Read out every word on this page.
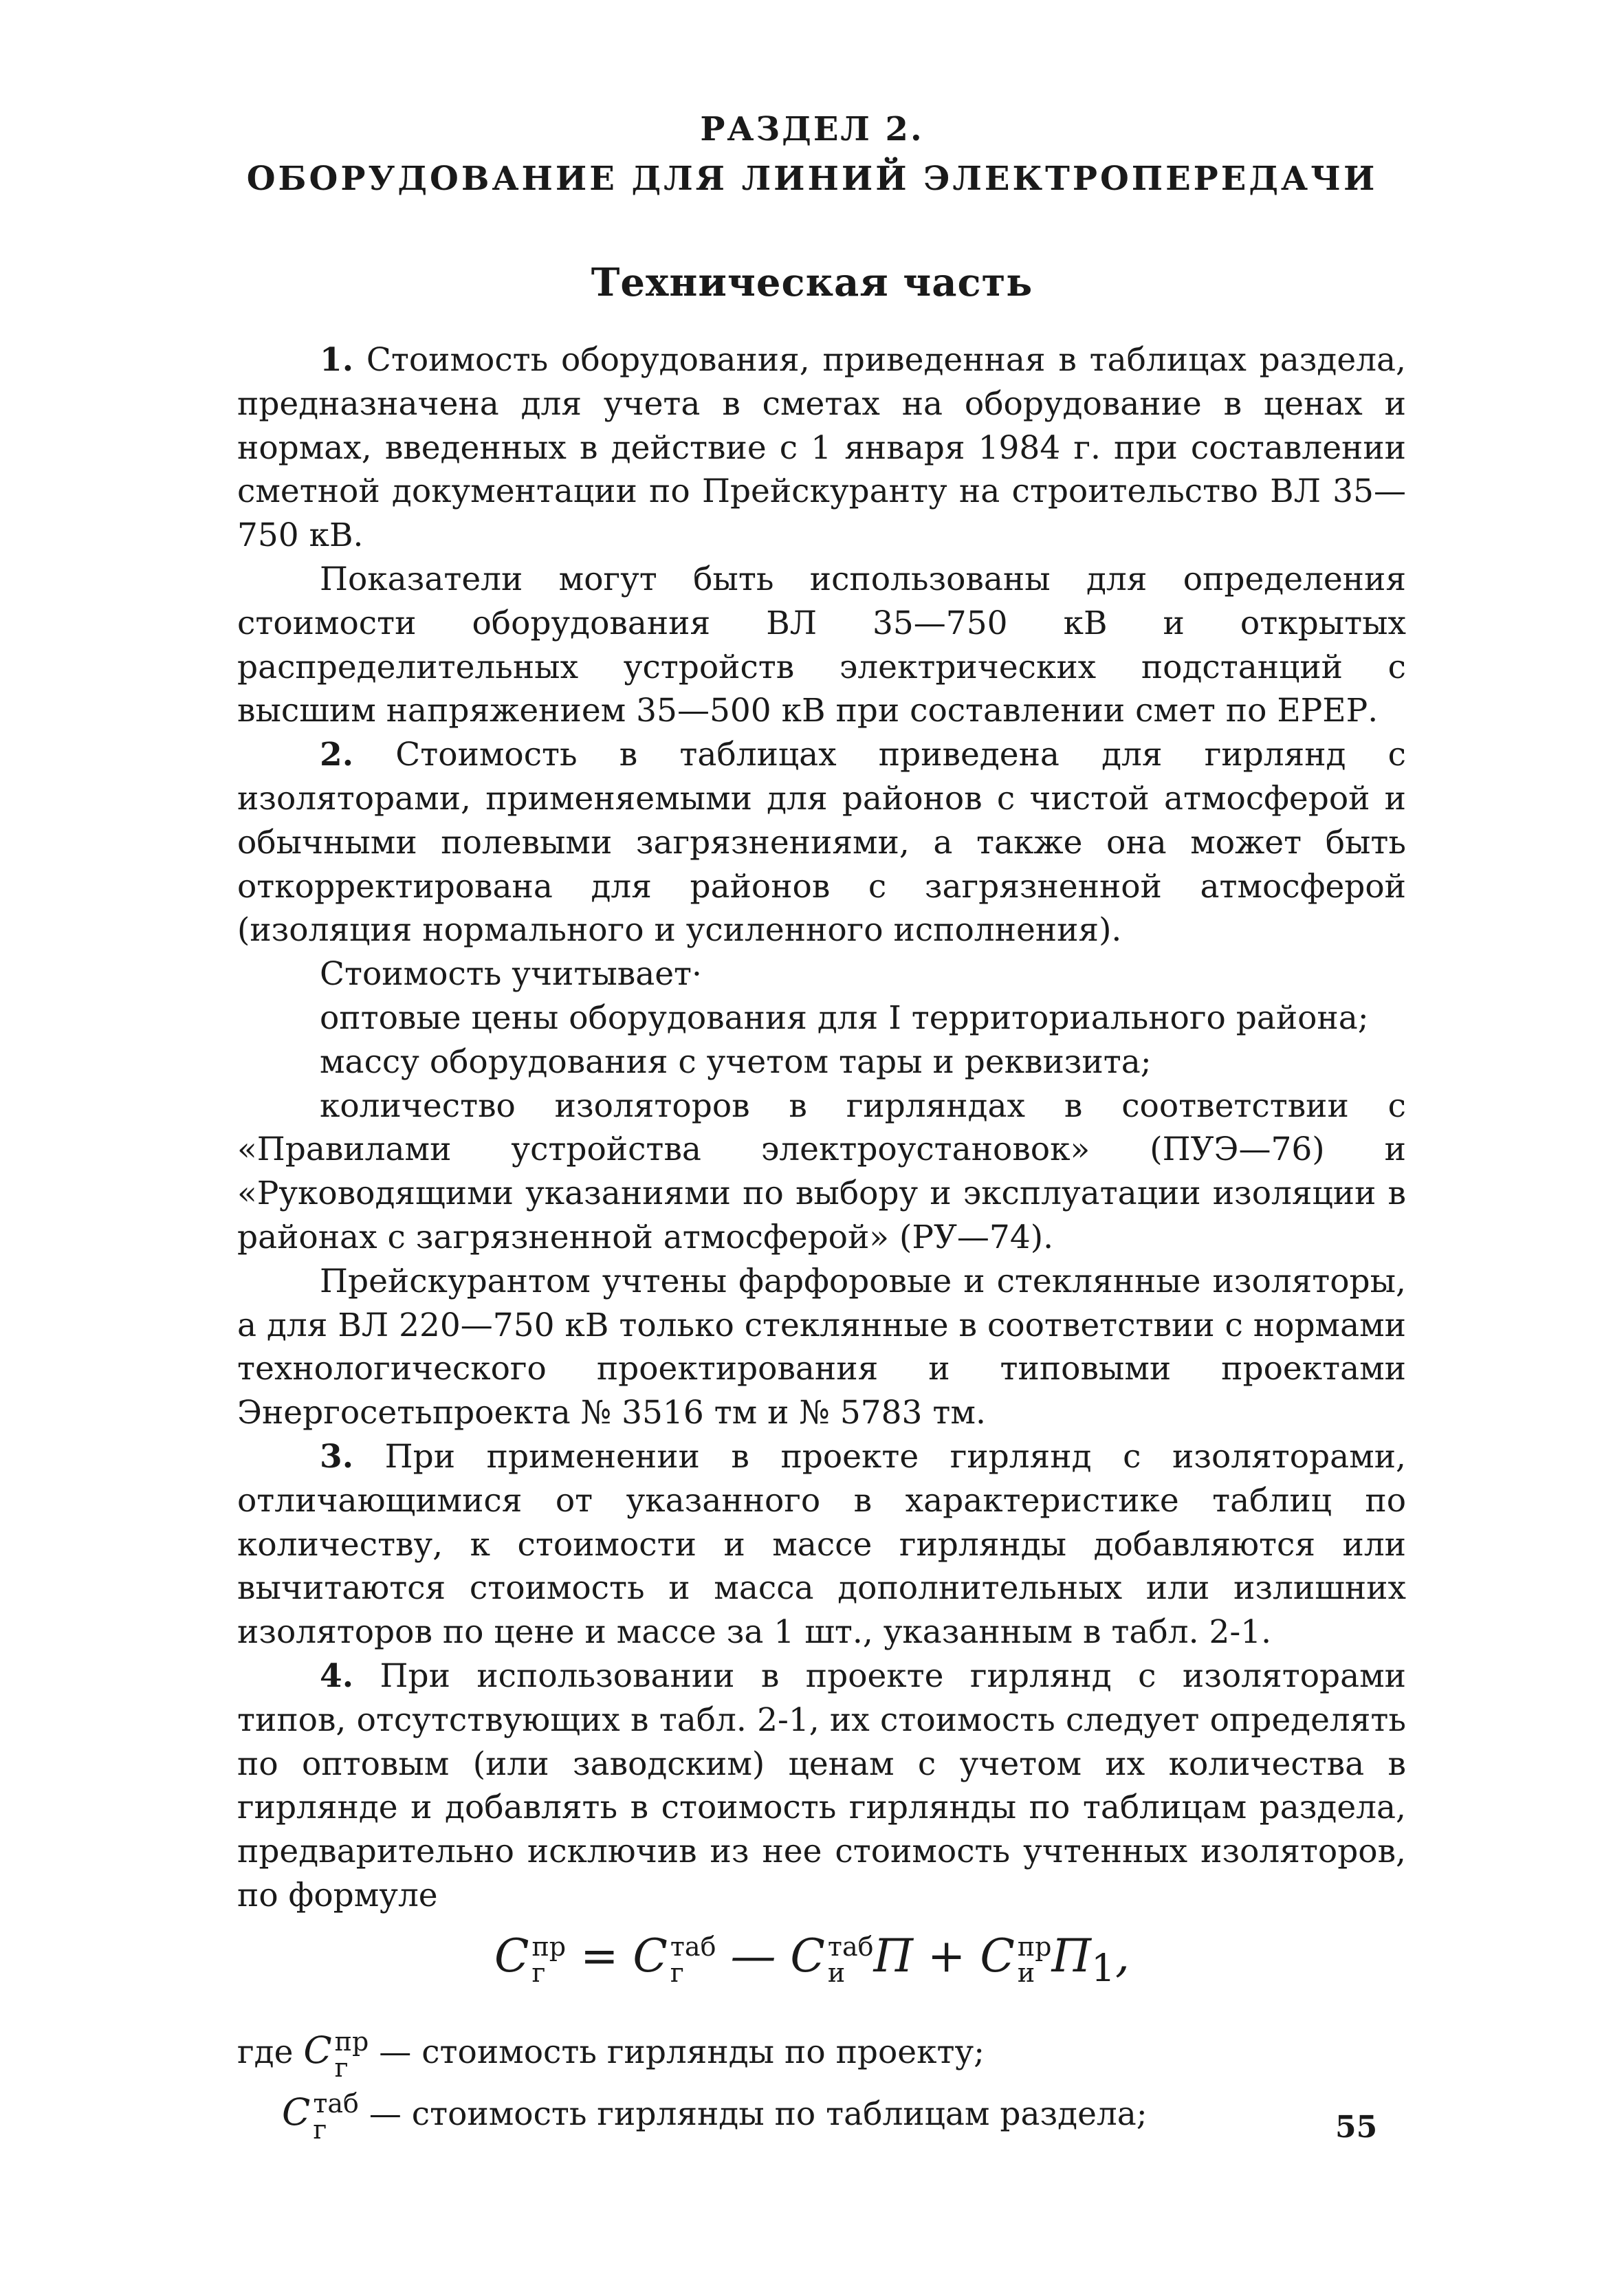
РАЗДЕЛ 2.
ОБОРУДОВАНИЕ ДЛЯ ЛИНИЙ ЭЛЕКТРОПЕРЕДАЧИ
Техническая часть

1. Стоимость оборудования, приведенная в таблицах раздела, предназначена для учета в сметах на оборудование в ценах и нормах, введенных в действие с 1 января 1984 г. при составлении сметной документации по Прейскуранту на строительство ВЛ 35—750 кВ.

Показатели могут быть использованы для определения стоимости оборудования ВЛ 35—750 кВ и открытых распределительных устройств электрических подстанций с высшим напряжением 35—500 кВ при составлении смет по ЕРЕР.

2. Стоимость в таблицах приведена для гирлянд с изоляторами, применяемыми для районов с чистой атмосферой и обычными полевыми загрязнениями, а также она может быть откорректирована для районов с загрязненной атмосферой (изоляция нормального и усиленного исполнения).

Стоимость учитывает·

оптовые цены оборудования для I территориального района;

массу оборудования с учетом тары и реквизита;

количество изоляторов в гирляндах в соответствии с «Правилами устройства электроустановок» (ПУЭ—76) и «Руководящими указаниями по выбору и эксплуатации изоляции в районах с загрязненной атмосферой» (РУ—74).

Прейскурантом учтены фарфоровые и стеклянные изоляторы, а для ВЛ 220—750 кВ только стеклянные в соответствии с нормами технологического проектирования и типовыми проектами Энергосетьпроекта № 3516 тм и № 5783 тм.

3. При применении в проекте гирлянд с изоляторами, отличающимися от указанного в характеристике таблиц по количеству, к стоимости и массе гирлянды добавляются или вычитаются стоимость и масса дополнительных или излишних изоляторов по цене и массе за 1 шт., указанным в табл. 2-1.

4. При использовании в проекте гирлянд с изоляторами типов, отсутствующих в табл. 2-1, их стоимость следует определять по оптовым (или заводским) ценам с учетом их количества в гирлянде и добавлять в стоимость гирлянды по таблицам раздела, предварительно исключив из нее стоимость учтенных изоляторов, по формуле

С пр
г = С таб
г	— С таб
и П + С пр
и $П_1$,
где С пр
г — стоимость гирлянды по проекту;
С таб
г	— стоимость гирлянды по таблицам раздела;	55
